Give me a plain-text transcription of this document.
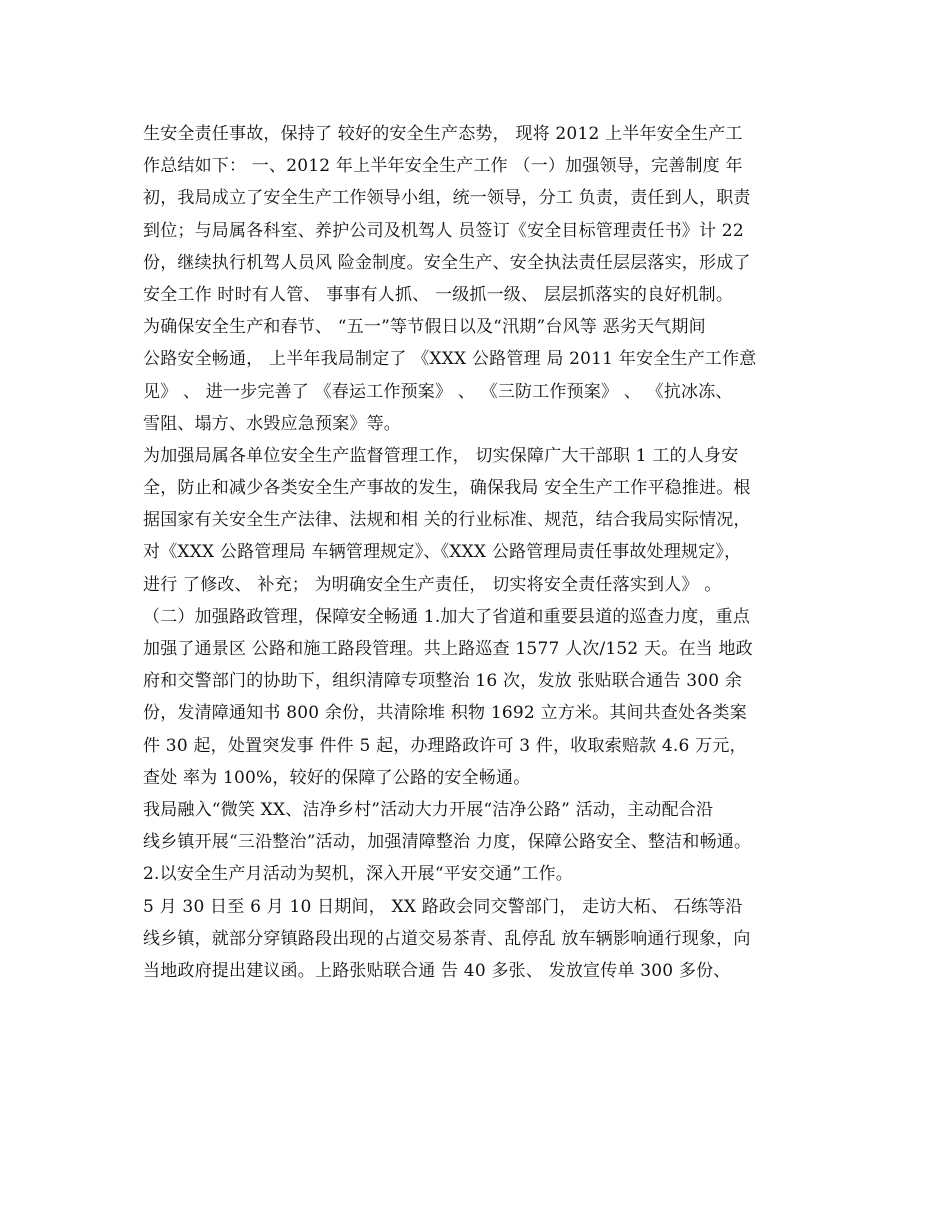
生安全责任事故，保持了 较好的安全生产态势， 现将 2012 上半年安全生产工
作总结如下： 一、2012 年上半年安全生产工作 （一）加强领导，完善制度 年
初，我局成立了安全生产工作领导小组，统一领导，分工 负责，责任到人，职责
到位；与局属各科室、养护公司及机驾人 员签订《安全目标管理责任书》计 22
份，继续执行机驾人员风 险金制度。安全生产、安全执法责任层层落实，形成了
安全工作 时时有人管、 事事有人抓、 一级抓一级、 层层抓落实的良好机制。
为确保安全生产和春节、 “五一”等节假日以及“汛期”台风等 恶劣天气期间
公路安全畅通， 上半年我局制定了 《XXX 公路管理 局 2011 年安全生产工作意
见》 、 进一步完善了 《春运工作预案》 、 《三防工作预案》 、 《抗冰冻、
雪阻、塌方、水毁应急预案》等。
为加强局属各单位安全生产监督管理工作， 切实保障广大干部职 1 工的人身安
全，防止和减少各类安全生产事故的发生，确保我局 安全生产工作平稳推进。根
据国家有关安全生产法律、法规和相 关的行业标准、规范，结合我局实际情况，
对《XXX 公路管理局 车辆管理规定》、《XXX 公路管理局责任事故处理规定》，
进行 了修改、 补充； 为明确安全生产责任， 切实将安全责任落实到人》 。
（二）加强路政管理，保障安全畅通 1.加大了省道和重要县道的巡查力度，重点
加强了通景区 公路和施工路段管理。共上路巡查 1577 人次/152 天。在当 地政
府和交警部门的协助下，组织清障专项整治 16 次，发放 张贴联合通告 300 余
份，发清障通知书 800 余份，共清除堆 积物 1692 立方米。其间共查处各类案
件 30 起，处置突发事 件件 5 起，办理路政许可 3 件，收取索赔款 4.6 万元，
查处 率为 100%，较好的保障了公路的安全畅通。
我局融入“微笑 XX、洁净乡村”活动大力开展“洁净公路” 活动，主动配合沿
线乡镇开展“三沿整治”活动，加强清障整治 力度，保障公路安全、整洁和畅通。
2.以安全生产月活动为契机，深入开展“平安交通”工作。
5 月 30 日至 6 月 10 日期间， XX 路政会同交警部门， 走访大柘、 石练等沿
线乡镇，就部分穿镇路段出现的占道交易茶青、乱停乱 放车辆影响通行现象，向
当地政府提出建议函。上路张贴联合通 告 40 多张、 发放宣传单 300 多份、
